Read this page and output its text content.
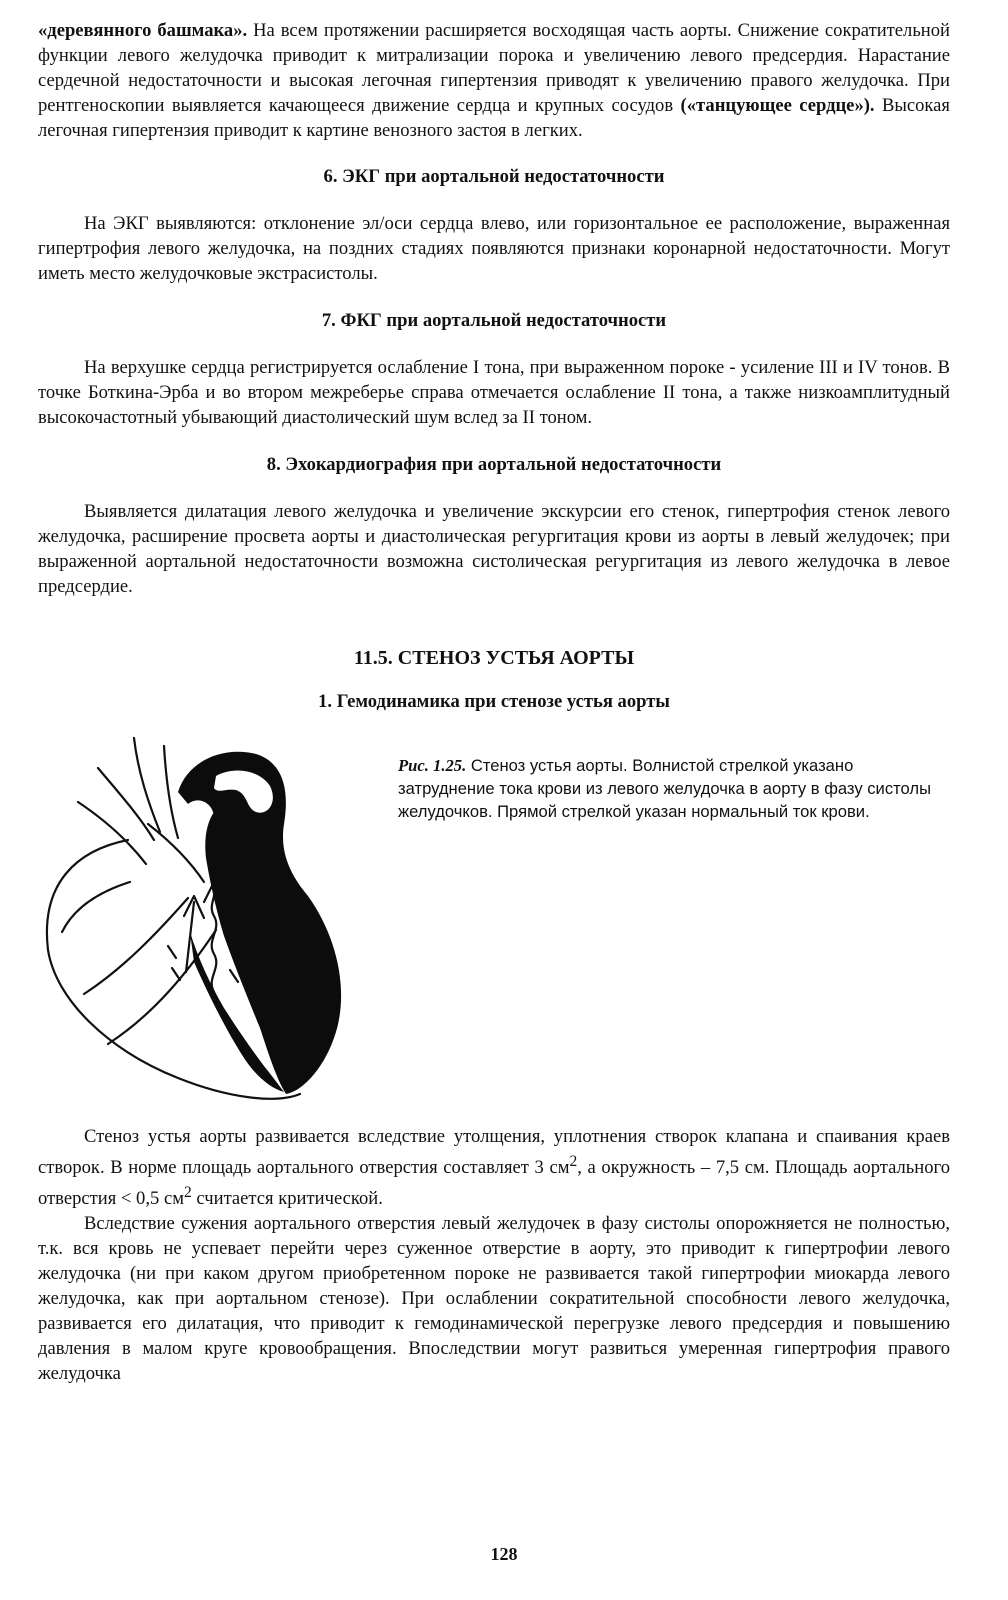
«деревянного башмака». На всем протяжении расширяется восходящая часть аорты. Снижение сократительной функции левого желудочка приводит к митрализации порока и увеличению левого предсердия. Нарастание сердечной недостаточности и высокая легочная гипертензия приводят к увеличению правого желудочка. При рентгеноскопии выявляется качающееся движение сердца и крупных сосудов («танцующее сердце»). Высокая легочная гипертензия приводит к картине венозного застоя в легких.

6. ЭКГ при аортальной недостаточности

На ЭКГ выявляются: отклонение эл/оси сердца влево, или горизонтальное ее расположение, выраженная гипертрофия левого желудочка, на поздних стадиях появляются признаки коронарной недостаточности. Могут иметь место желудочковые экстрасистолы.

7. ФКГ при аортальной недостаточности

На верхушке сердца регистрируется ослабление I тона, при выраженном пороке - усиление III и IV тонов. В точке Боткина-Эрба и во втором межреберье справа отмечается ослабление II тона, а также низкоамплитудный высокочастотный убывающий диастолический шум вслед за II тоном.

8. Эхокардиография при аортальной недостаточности

Выявляется дилатация левого желудочка и увеличение экскурсии его стенок, гипертрофия стенок левого желудочка, расширение просвета аорты и диастолическая регургитация крови из аорты в левый желудочек; при выраженной аортальной недостаточности возможна систолическая регургитация из левого желудочка в левое предсердие.

11.5. СТЕНОЗ УСТЬЯ АОРТЫ

1. Гемодинамика при стенозе устья аорты

Рис. 1.25. Стеноз устья аорты. Волнистой стрелкой указано затруднение тока крови из левого желудочка в аорту в фазу систолы желудочков. Прямой стрелкой указан нормальный ток крови.

Стеноз устья аорты развивается вследствие утолщения, уплотнения створок клапана и спаивания краев створок. В норме площадь аортального отверстия составляет 3 $см^2$, а окружность – 7,5 см. Площадь аортального отверстия < 0,5 $см^2$ считается критической.

Вследствие сужения аортального отверстия левый желудочек в фазу систолы опорожняется не полностью, т.к. вся кровь не успевает перейти через суженное отверстие в аорту, это приводит к гипертрофии левого желудочка (ни при каком другом приобретенном пороке не развивается такой гипертрофии миокарда левого желудочка, как при аортальном стенозе). При ослаблении сократительной способности левого желудочка, развивается его дилатация, что приводит к гемодинамической перегрузке левого предсердия и повышению давления в малом круге кровообращения. Впоследствии могут развиться умеренная гипертрофия правого желудочка

128
